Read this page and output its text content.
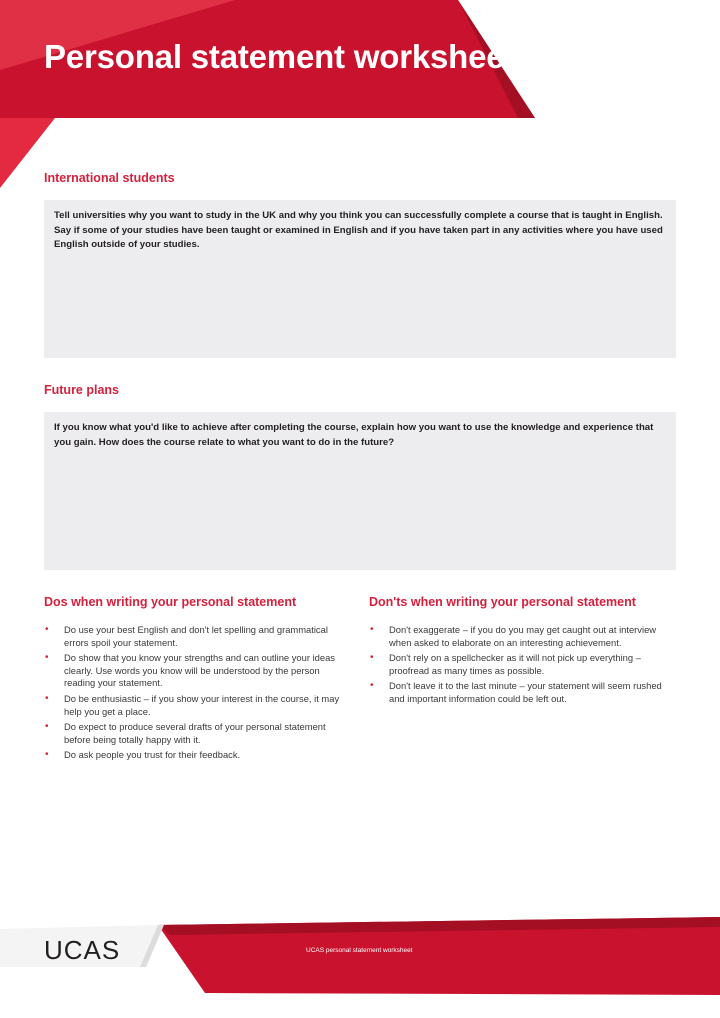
Personal statement worksheet
International students
Tell universities why you want to study in the UK and why you think you can successfully complete a course that is taught in English. Say if some of your studies have been taught or examined in English and if you have taken part in any activities where you have used English outside of your studies.
Future plans
If you know what you'd like to achieve after completing the course, explain how you want to use the knowledge and experience that you gain. How does the course relate to what you want to do in the future?
Dos when writing your personal statement
• Do use your best English and don't let spelling and grammatical errors spoil your statement.
• Do show that you know your strengths and can outline your ideas clearly. Use words you know will be understood by the person reading your statement.
• Do be enthusiastic – if you show your interest in the course, it may help you get a place.
• Do expect to produce several drafts of your personal statement before being totally happy with it.
• Do ask people you trust for their feedback.
Don'ts when writing your personal statement
• Don't exaggerate – if you do you may get caught out at interview when asked to elaborate on an interesting achievement.
• Don't rely on a spellchecker as it will not pick up everything – proofread as many times as possible.
• Don't leave it to the last minute – your statement will seem rushed and important information could be left out.
UCAS	UCAS personal statement worksheet
